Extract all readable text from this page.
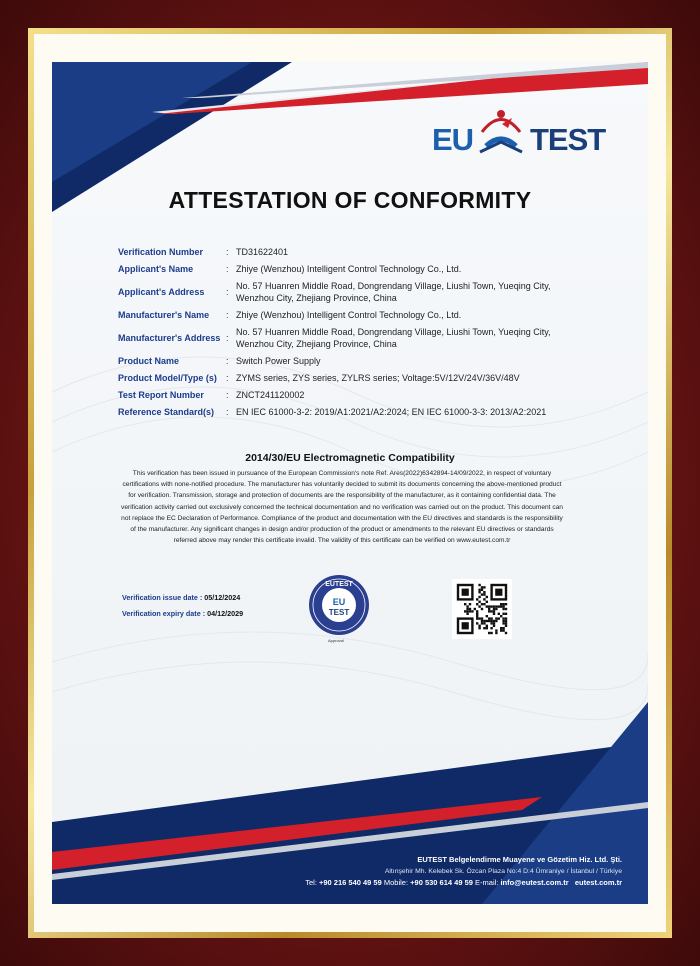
EU TEST
ATTESTATION OF CONFORMITY
Verification Number	: TD31622401
Applicant's Name	: Zhiye (Wenzhou) Intelligent Control Technology Co., Ltd.
Applicant's Address	:
No. 57 Huanren Middle Road, Dongrendang Village, Liushi Town, Yueqing City, Wenzhou City, Zhejiang Province, China
Manufacturer's Name	: Zhiye (Wenzhou) Intelligent Control Technology Co., Ltd.
Manufacturer's Address :
No. 57 Huanren Middle Road, Dongrendang Village, Liushi Town, Yueqing City, Wenzhou City, Zhejiang Province, China
Product Name	: Switch Power Supply
Product Model/Type (s)	: ZYMS series, ZYS series, ZYLRS series; Voltage:5V/12V/24V/36V/48V
Test Report Number	: ZNCT241120002
Reference Standard(s)	: EN IEC 61000-3-2: 2019/A1:2021/A2:2024; EN IEC 61000-3-3: 2013/A2:2021
2014/30/EU Electromagnetic Compatibility
This verification has been issued in pursuance of the European Commission's note Ref. Ares(2022)6342894-14/09/2022, in respect of voluntary certifications with none-notified procedure. The manufacturer has voluntarily decided to submit its documents concerning the above-mentioned product for verification. Transmission, storage and protection of documents are the responsibility of the manufacturer, as it containing confidential data. The verification activity carried out exclusively concerned the technical documentation and no verification was carried out on the product. This document can not replace the EC Declaration of Performance. Compliance of the product and documentation with the EU directives and standards is the responsibility of the manufacturer. Any significant changes in design and/or production of the product or amendments to the relevant EU directives or standards referred above may render this certificate invalid. The validity of this certificate can be verified on www.eutest.com.tr
Verification issue date : 05/12/2024
Verification expiry date : 04/12/2029
EUTEST
EU
TEST
Approval
EUTEST Belgelendirme Muayene ve Gözetim Hiz. Ltd. Şti.
Altınşehir Mh. Kelebek Sk. Özcan Plaza No:4 D:4 Ümraniye / İstanbul / Türkiye
Tel: +90 216 540 49 59 Mobile: +90 530 614 49 59 E-mail: info@eutest.com.tr eutest.com.tr
